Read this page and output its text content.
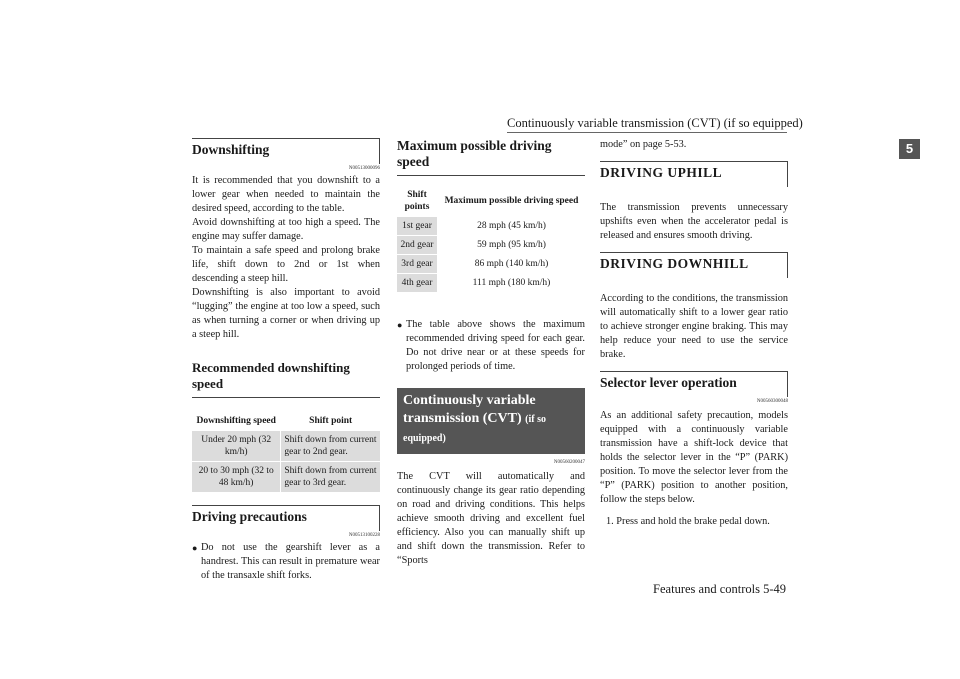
Continuously variable transmission (CVT) (if so equipped)
5
Downshifting
N00513000096

It is recommended that you downshift to a lower gear when needed to maintain the desired speed, according to the table.

Avoid downshifting at too high a speed. The engine may suffer damage.

To maintain a safe speed and prolong brake life, shift down to 2nd or 1st when descending a steep hill.

Downshifting is also important to avoid “lugging” the engine at too low a speed, such as when turning a corner or when driving up a steep hill.

Recommended downshifting speed
Downshifting speed	Shift point
Under 20 mph (32 km/h)	Shift down from current gear to 2nd gear.
20 to 30 mph (32 to 48 km/h)	Shift down from current gear to 3rd gear.
Driving precautions
N00513100228
● Do not use the gearshift lever as a handrest. This can result in premature wear of the transaxle shift forks.
Maximum possible driving speed
Shift points	Maximum possible driving speed
1st gear	28 mph (45 km/h)
2nd gear	59 mph (95 km/h)
3rd gear	86 mph (140 km/h)
4th gear	111 mph (180 km/h)
● The table above shows the maximum recommended driving speed for each gear. Do not drive near or at these speeds for prolonged periods of time.
Continuously variable transmission (CVT) (if so equipped)
N00560200047

The CVT will automatically and continuously change its gear ratio depending on road and driving conditions. This helps achieve smooth driving and excellent fuel efficiency. Also you can manually shift up and shift down the transmission. Refer to “Sports

mode” on page 5-53.

DRIVING UPHILL

The transmission prevents unnecessary upshifts even when the accelerator pedal is released and ensures smooth driving.

DRIVING DOWNHILL

According to the conditions, the transmission will automatically shift to a lower gear ratio to achieve stronger engine braking. This may help reduce your need to use the service brake.

Selector lever operation
N00560300048

As an additional safety precaution, models equipped with a continuously variable transmission have a shift-lock device that holds the selector lever in the “P” (PARK) position. To move the selector lever from the “P” (PARK) position to another position, follow the steps below.

1. Press and hold the brake pedal down.
Features and controls 5-49
